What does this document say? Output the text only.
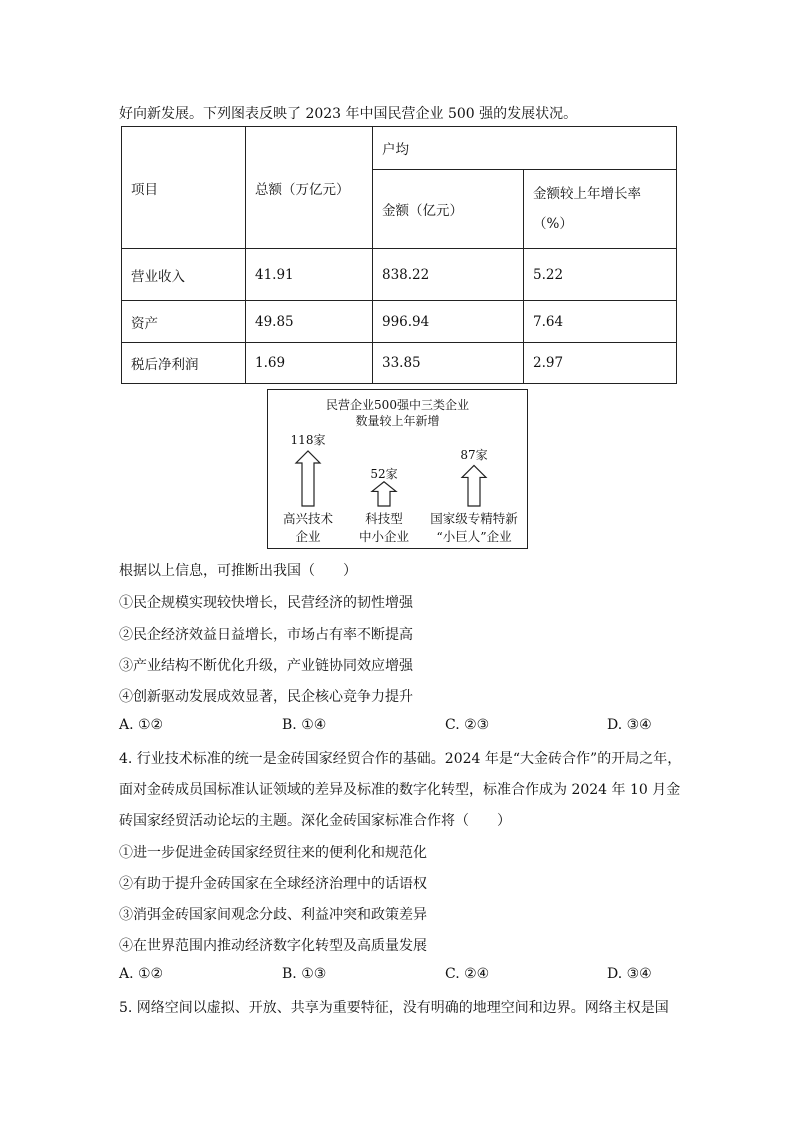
好向新发展。下列图表反映了 2023 年中国民营企业 500 强的发展状况。
项目	总额（万亿元）	户均	
		金额（亿元）	金额较上年增长率
（%）

营业收入	41.91	838.22	5.22
资产	49.85	996.94	7.64
税后净利润	1.69	33.85	2.97
民营企业500强中三类企业
数量较上年新增
118家
52家
87家
高兴技术
企业
科技型
中小企业
国家级专精特新
“小巨人”企业
根据以上信息，可推断出我国（　　）
①民企规模实现较快增长，民营经济的韧性增强
②民企经济效益日益增长，市场占有率不断提高
③产业结构不断优化升级，产业链协同效应增强
④创新驱动发展成效显著，民企核心竞争力提升
A. ①②	B. ①④	C. ②③	D. ③④
4. 行业技术标准的统一是金砖国家经贸合作的基础。2024 年是“大金砖合作”的开局之年，
面对金砖成员国标准认证领域的差异及标准的数字化转型，标准合作成为 2024 年 10 月金
砖国家经贸活动论坛的主题。深化金砖国家标准合作将（　　）
①进一步促进金砖国家经贸往来的便利化和规范化
②有助于提升金砖国家在全球经济治理中的话语权
③消弭金砖国家间观念分歧、利益冲突和政策差异
④在世界范围内推动经济数字化转型及高质量发展
A. ①②	B. ①③	C. ②④	D. ③④
5. 网络空间以虚拟、开放、共享为重要特征，没有明确的地理空间和边界。网络主权是国
